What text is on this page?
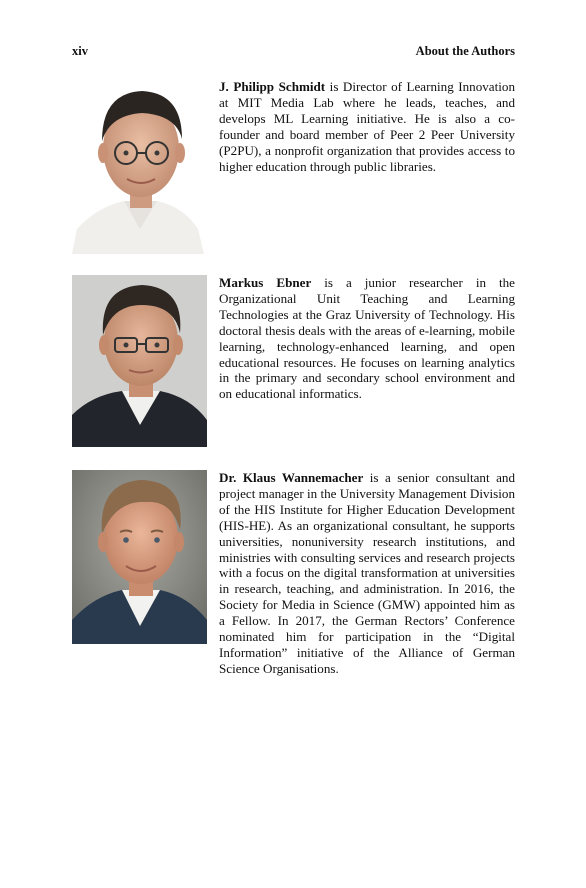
xiv	About the Authors
J. Philipp Schmidt is Director of Learning Innovation at MIT Media Lab where he leads, teaches, and develops ML Learning initiative. He is also a co-founder and board member of Peer 2 Peer University (P2PU), a nonprofit organization that provides access to higher education through public libraries.
Markus Ebner is a junior researcher in the Organizational Unit Teaching and Learning Technologies at the Graz University of Technology. His doctoral thesis deals with the areas of e-learning, mobile learning, technology-enhanced learning, and open educational resources. He focuses on learning analytics in the primary and secondary school environment and on educational informatics.
Dr. Klaus Wannemacher is a senior consultant and project manager in the University Management Division of the HIS Institute for Higher Education Development (HIS-HE). As an organizational consultant, he supports universities, nonuniversity research institutions, and ministries with consulting services and research projects with a focus on the digital transformation at universities in research, teaching, and administration. In 2016, the Society for Media in Science (GMW) appointed him as a Fellow. In 2017, the German Rectors’ Conference nominated him for participation in the “Digital Information” initiative of the Alliance of German Science Organisations.
